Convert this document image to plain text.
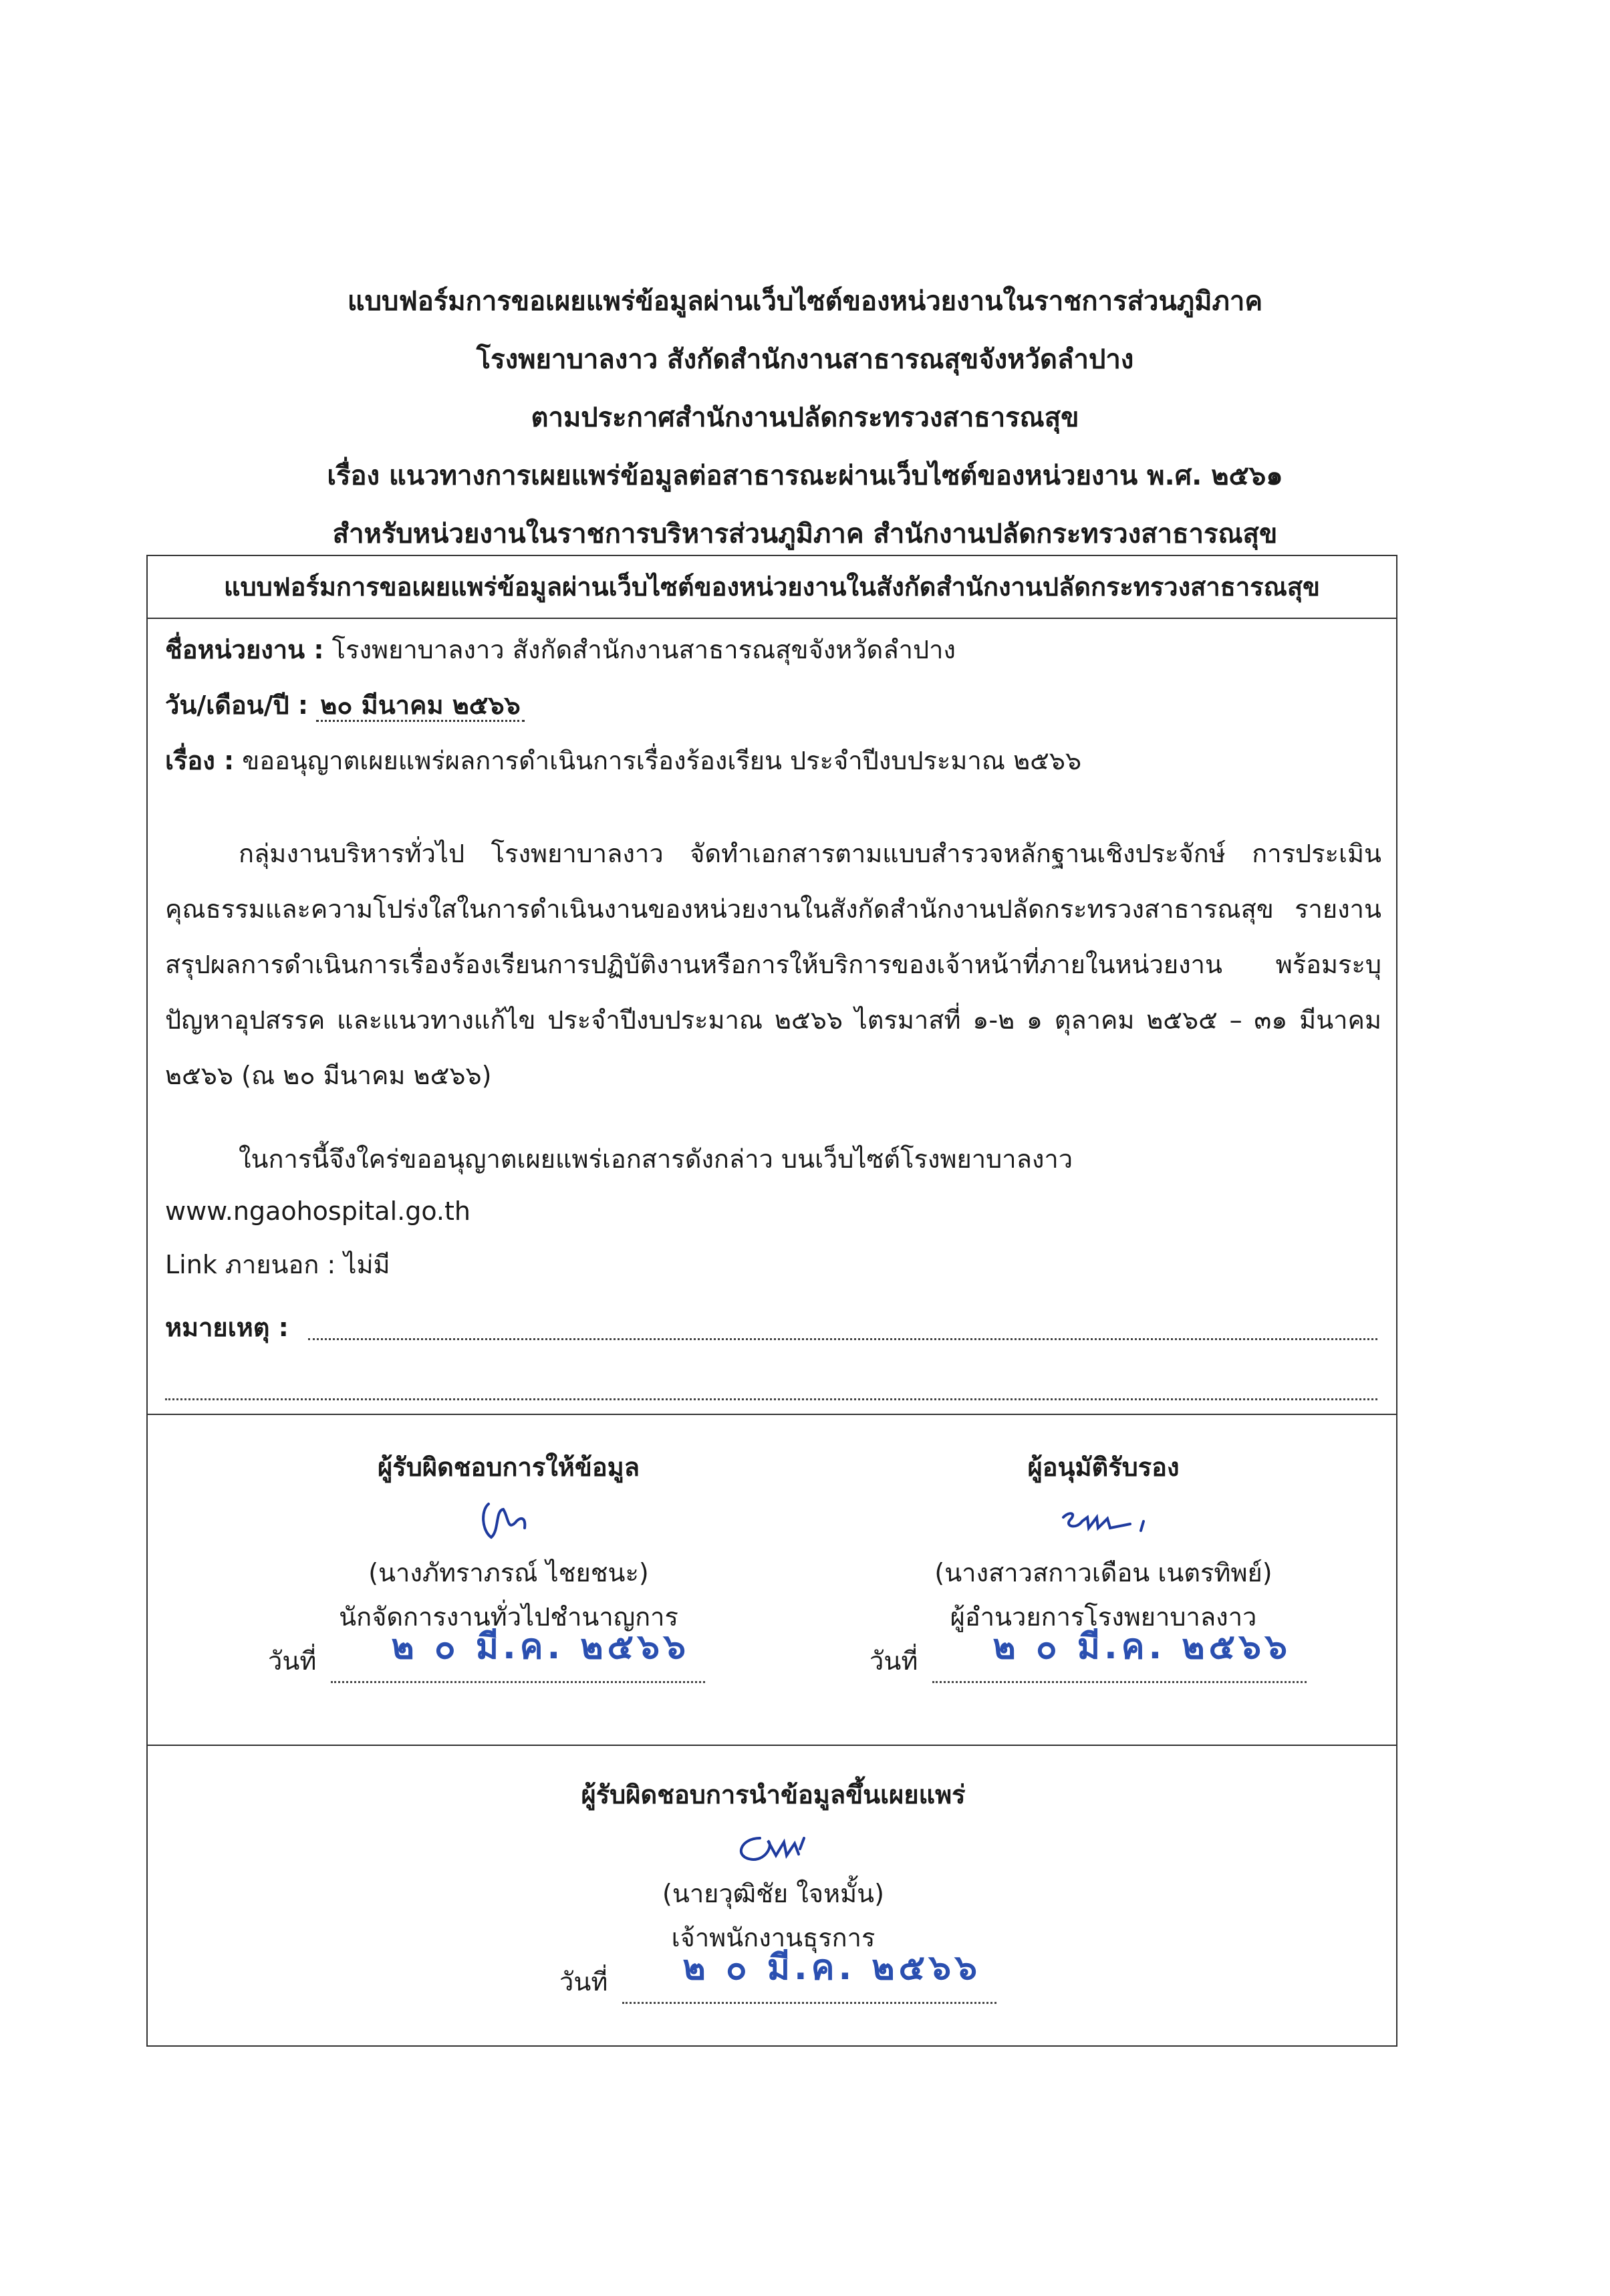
แบบฟอร์มการขอเผยแพร่ข้อมูลผ่านเว็บไซต์ของหน่วยงานในราชการส่วนภูมิภาค
โรงพยาบาลงาว สังกัดสำนักงานสาธารณสุขจังหวัดลำปาง
ตามประกาศสำนักงานปลัดกระทรวงสาธารณสุข
เรื่อง แนวทางการเผยแพร่ข้อมูลต่อสาธารณะผ่านเว็บไซต์ของหน่วยงาน พ.ศ. ๒๕๖๑
สำหรับหน่วยงานในราชการบริหารส่วนภูมิภาค สำนักงานปลัดกระทรวงสาธารณสุข
แบบฟอร์มการขอเผยแพร่ข้อมูลผ่านเว็บไซต์ของหน่วยงานในสังกัดสำนักงานปลัดกระทรวงสาธารณสุข
ชื่อหน่วยงาน : โรงพยาบาลงาว สังกัดสำนักงานสาธารณสุขจังหวัดลำปาง
วัน/เดือน/ปี : ๒๐ มีนาคม ๒๕๖๖
เรื่อง : ขออนุญาตเผยแพร่ผลการดำเนินการเรื่องร้องเรียน ประจำปีงบประมาณ ๒๕๖๖
กลุ่มงานบริหารทั่วไป โรงพยาบาลงาว จัดทำเอกสารตามแบบสำรวจหลักฐานเชิงประจักษ์ การประเมินคุณธรรมและความโปร่งใสในการดำเนินงานของหน่วยงานในสังกัดสำนักงานปลัดกระทรวงสาธารณสุข รายงานสรุปผลการดำเนินการเรื่องร้องเรียนการปฏิบัติงานหรือการให้บริการของเจ้าหน้าที่ภายในหน่วยงาน พร้อมระบุปัญหาอุปสรรค และแนวทางแก้ไข ประจำปีงบประมาณ ๒๕๖๖ ไตรมาสที่ ๑-๒ ๑ ตุลาคม ๒๕๖๕ – ๓๑ มีนาคม ๒๕๖๖ (ณ ๒๐ มีนาคม ๒๕๖๖)
ในการนี้จึงใคร่ขออนุญาตเผยแพร่เอกสารดังกล่าว บนเว็บไซต์โรงพยาบาลงาว
www.ngaohospital.go.th
Link ภายนอก : ไม่มี
หมายเหตุ :
ผู้รับผิดชอบการให้ข้อมูล
(นางภัทราภรณ์ ไชยชนะ)
นักจัดการงานทั่วไปชำนาญการ
วันที่ ๒ ๐ มี.ค. ๒๕๖๖
ผู้อนุมัติรับรอง
(นางสาวสกาวเดือน เนตรทิพย์)
ผู้อำนวยการโรงพยาบาลงาว
วันที่ ๒ ๐ มี.ค. ๒๕๖๖
ผู้รับผิดชอบการนำข้อมูลขึ้นเผยแพร่
(นายวุฒิชัย ใจหมั้น)
เจ้าพนักงานธุรการ
วันที่ ๒ ๐ มี.ค. ๒๕๖๖
